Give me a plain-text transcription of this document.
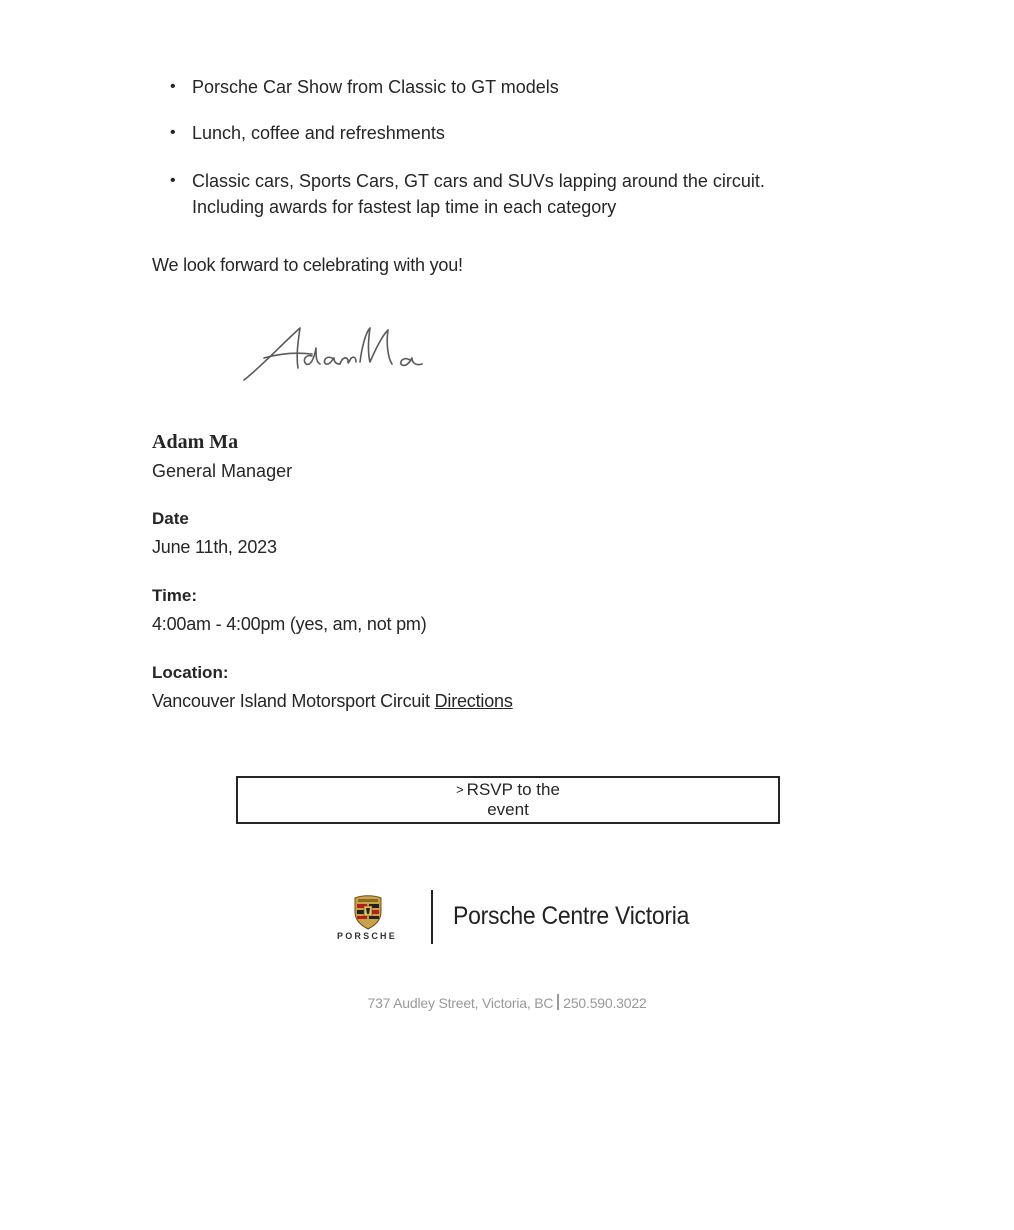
• Porsche Car Show from Classic to GT models
• Lunch, coffee and refreshments
• Classic cars, Sports Cars, GT cars and SUVs lapping around the circuit.
Including awards for fastest lap time in each category
We look forward to celebrating with you!
Adam Ma
Adam Ma
General Manager
Date
June 11th, 2023
Time:
4:00am - 4:00pm (yes, am, not pm)
Location:
Vancouver Island Motorsport Circuit Directions
> RSVP to the
event
PORSCHE
Porsche Centre Victoria
737 Audley Street, Victoria, BC 250.590.3022
